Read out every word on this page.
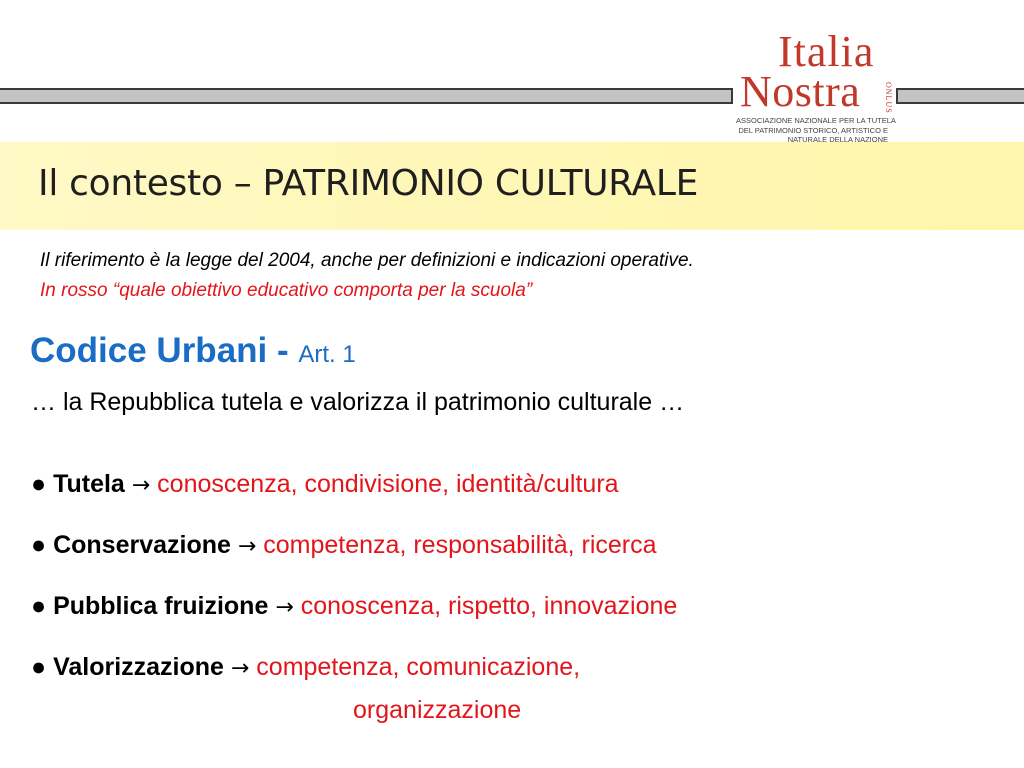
Italia
Nostra	ONLUS
ASSOCIAZIONE NAZIONALE PER LA TUTELA
DEL PATRIMONIO STORICO, ARTISTICO E
NATURALE DELLA NAZIONE
Il contesto – PATRIMONIO CULTURALE
Il riferimento è la legge del 2004, anche per definizioni e indicazioni operative.
In rosso “quale obiettivo educativo comporta per la scuola”
Codice Urbani - Art. 1
… la Repubblica tutela e valorizza il patrimonio culturale …
● Tutela → conoscenza, condivisione, identità/cultura
● Conservazione → competenza, responsabilità, ricerca
● Pubblica fruizione → conoscenza, rispetto, innovazione
● Valorizzazione → competenza, comunicazione,
organizzazione
